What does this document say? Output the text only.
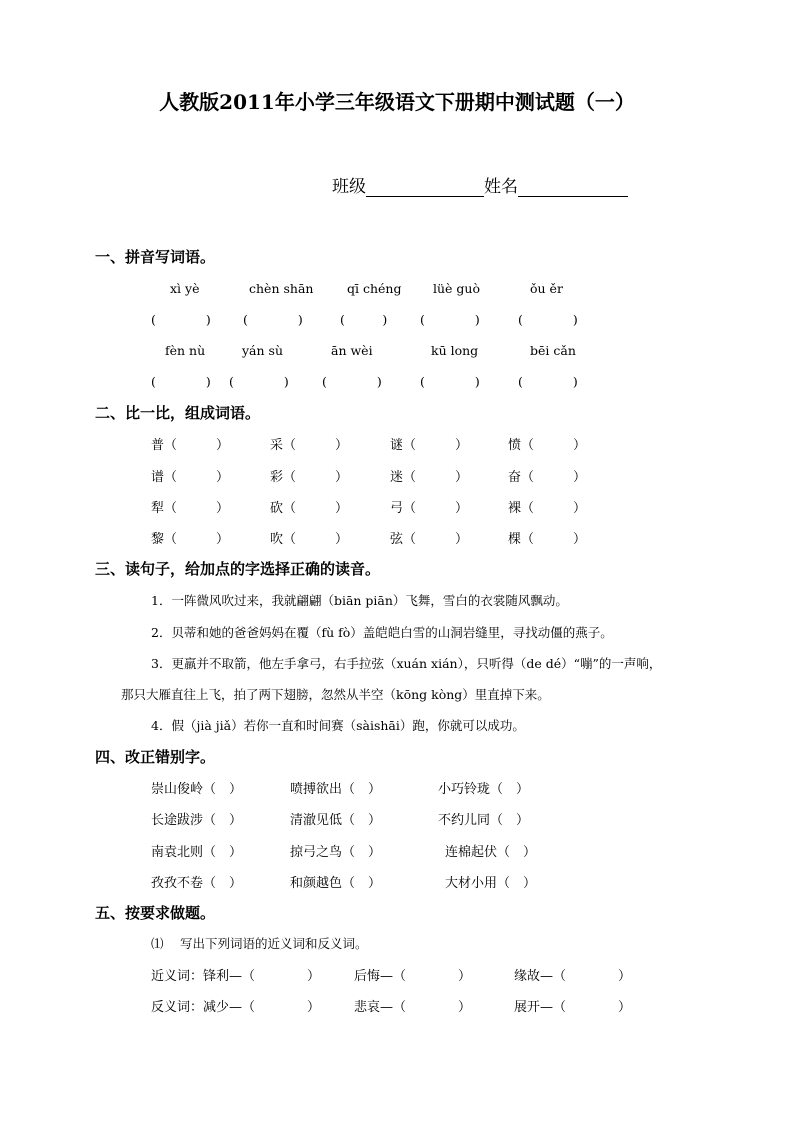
人教版2011年小学三年级语文下册期中测试题（一）
班级	姓名
一、拼音写词语。
xì yè	chèn shān	qī chéng	lüè guò	ǒu ěr
(　　　　)	(　　　　)	(　　　)	(　　　　)	(　　　　)
fèn nù	yán sù	ān wèi	kū long	bēi cǎn
(　　　　) (　　　　)	(　　　　)	(　　　　)	(　　　　)
二、比一比，组成词语。
普（　　　）	采（　　　）	谜（　　　）	愤（　　　）
谱（　　　）	彩（　　　）	迷（　　　）	奋（　　　）
犁（　　　）	砍（　　　）	弓（　　　）	裸（　　　）
黎（　　　）	吹（　　　）	弦（　　　）	棵（　　　）
三、读句子，给加点的字选择正确的读音。
1．一阵微风吹过来，我就翩翩（biān piān）飞舞，雪白的衣裳随风飘动。
2．贝蒂和她的爸爸妈妈在覆（fù fò）盖皑皑白雪的山洞岩缝里，寻找动僵的燕子。
3．更羸并不取箭，他左手拿弓，右手拉弦（xuán xián），只听得（de dé）“嘣”的一声响，
那只大雁直往上飞，拍了两下翅膀，忽然从半空（kōng kòng）里直掉下来。
4．假（jià jiǎ）若你一直和时间赛（sàishāi）跑，你就可以成功。
四、改正错别字。
崇山俊岭（　）	喷搏欲出（　）	小巧铃珑（　）
长途跋涉（　）	清澈见低（　）	不约儿同（　）
南袁北则（　）	掠弓之鸟（　）	连棉起伏（　）
孜孜不卷（　）	和颜越色（　）	大材小用（　）
五、按要求做题。
⑴　 写出下列词语的近义词和反义词。
近义词：锋利—（　　　　）	后悔—（　　　　）	缘故—（　　　　）
反义词：减少—（　　　　）	悲哀—（　　　　）	展开—（　　　　）
